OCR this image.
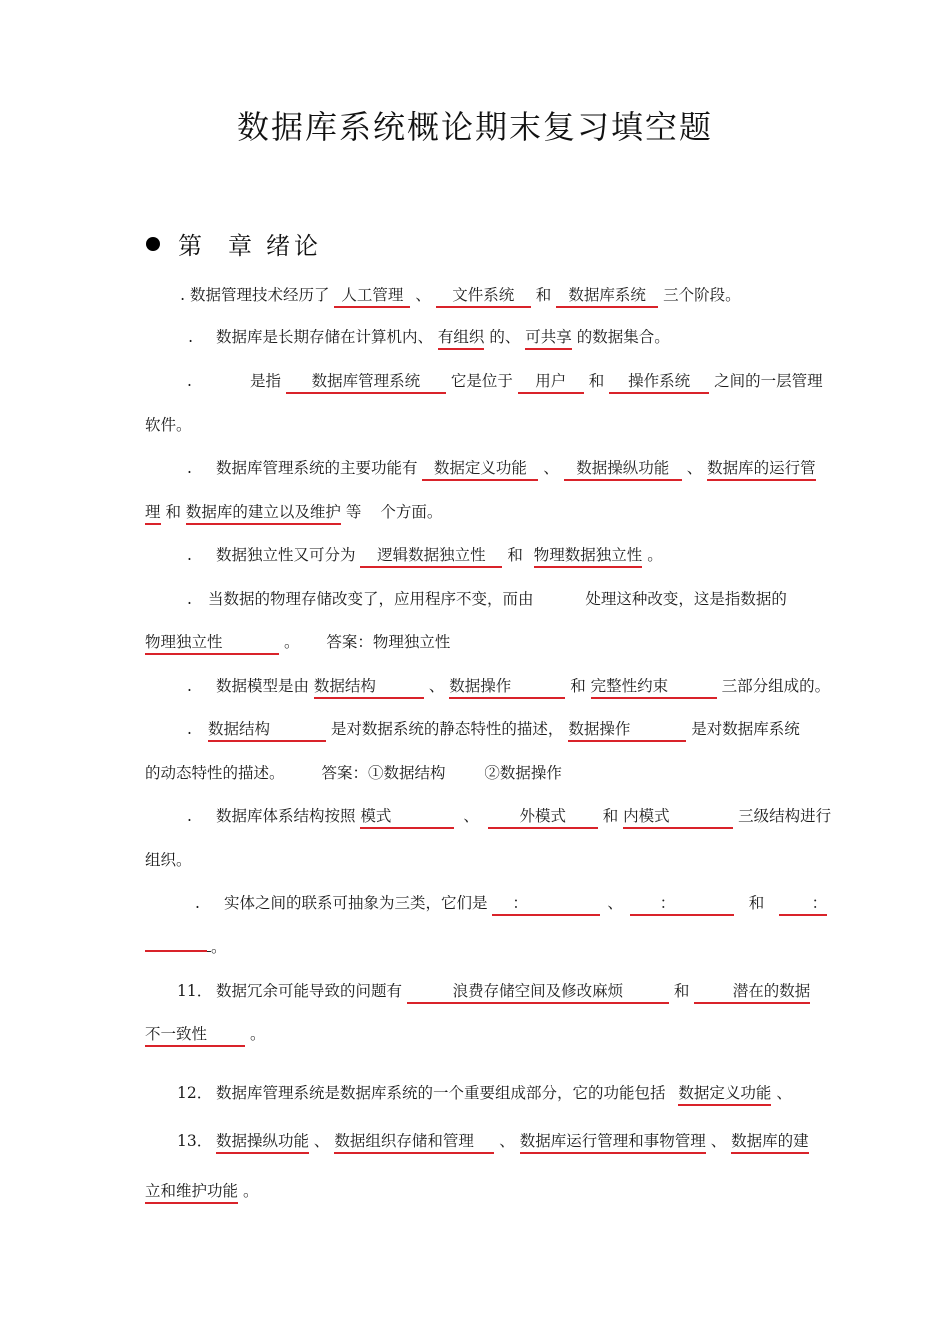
数据库系统概论期末复习填空题
第 章 绪论
. 数据管理技术经历了 人工管理 、 文件系统 和 数据库系统 三个阶段。
. 数据库是长期存储在计算机内、 有组织 的、 可共享 的数据集合。
.	是指 数据库管理系统 它是位于 用户 和 操作系统 之间的一层管理
软件。
. 数据库管理系统的主要功能有 数据定义功能 、 数据操纵功能 、 数据库的运行管
理 和 数据库的建立以及维护 等 个方面。
. 数据独立性又可分为 逻辑数据独立性 和 物理数据独立性 。
. 当数据的物理存储改变了，应用程序不变，而由	处理这种改变，这是指数据的
物理独立性	。 答案：物理独立性
. 数据模型是由 数据结构	、 数据操作	和 完整性约束	三部分组成的。
. 数据结构	是对数据系统的静态特性的描述， 数据操作	是对数据库系统
的动态特性的描述。 答案：①数据结构	②数据操作
. 数据库体系结构按照 模式	、	外模式 和 内模式	三级结构进行
组织。
. 实体之间的联系可抽象为三类，它们是 ：	、 ：	和	：
。
11． 数据冗余可能导致的问题有	浪费存储空间及修改麻烦	和	潜在的数据
不一致性	。
12． 数据库管理系统是数据库系统的一个重要组成部分，它的功能包括 数据定义功能 、
13． 数据操纵功能 、 数据组织存储和管理 、 数据库运行管理和事物管理 、 数据库的建
立和维护功能 。
